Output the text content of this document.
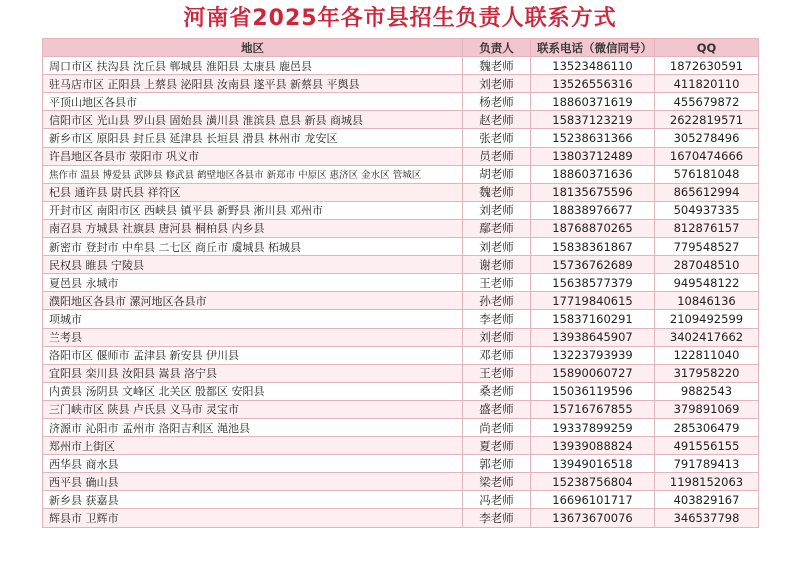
河南省2025年各市县招生负责人联系方式
地区	负责人	联系电话（微信同号）	QQ
周口市区 扶沟县 沈丘县 郸城县 淮阳县 太康县 鹿邑县	魏老师	13523486110	1872630591
驻马店市区 正阳县 上蔡县 泌阳县 汝南县 遂平县 新蔡县 平舆县	刘老师	13526556316	411820110
平顶山地区各县市	杨老师	18860371619	455679872
信阳市区 光山县 罗山县 固始县 潢川县 淮滨县 息县 新县 商城县	赵老师	15837123219	2622819571
新乡市区 原阳县 封丘县 延津县 长垣县 滑县 林州市 龙安区	张老师	15238631366	305278496
许昌地区各县市 荥阳市 巩义市	员老师	13803712489	1670474666
焦作市 温县 博爱县 武陟县 修武县 鹤壁地区各县市 新郑市 中原区 惠济区 金水区 管城区	胡老师	18860371636	576181048
杞县 通许县 尉氏县 祥符区	魏老师	18135675596	865612994
开封市区 南阳市区 西峡县 镇平县 新野县 淅川县 邓州市	刘老师	18838976677	504937335
南召县 方城县 社旗县 唐河县 桐柏县 内乡县	鄢老师	18768870265	812876157
新密市 登封市 中牟县 二七区 商丘市 虞城县 柘城县	刘老师	15838361867	779548527
民权县 睢县 宁陵县	谢老师	15736762689	287048510
夏邑县 永城市	王老师	15638577379	949548122
濮阳地区各县市 漯河地区各县市	孙老师	17719840615	10846136
项城市	李老师	15837160291	2109492599
兰考县	刘老师	13938645907	3402417662
洛阳市区 偃师市 孟津县 新安县 伊川县	邓老师	13223793939	122811040
宜阳县 栾川县 汝阳县 嵩县 洛宁县	王老师	15890060727	317958220
内黄县 汤阴县 文峰区 北关区 殷都区 安阳县	桑老师	15036119596	9882543
三门峡市区 陕县 卢氏县 义马市 灵宝市	盛老师	15716767855	379891069
济源市 沁阳市 孟州市 洛阳吉利区 渑池县	尚老师	19337899259	285306479
郑州市上街区	夏老师	13939088824	491556155
西华县 商水县	郭老师	13949016518	791789413
西平县 确山县	梁老师	15238756804	1198152063
新乡县 获嘉县	冯老师	16696101717	403829167
辉县市 卫辉市	李老师	13673670076	346537798
